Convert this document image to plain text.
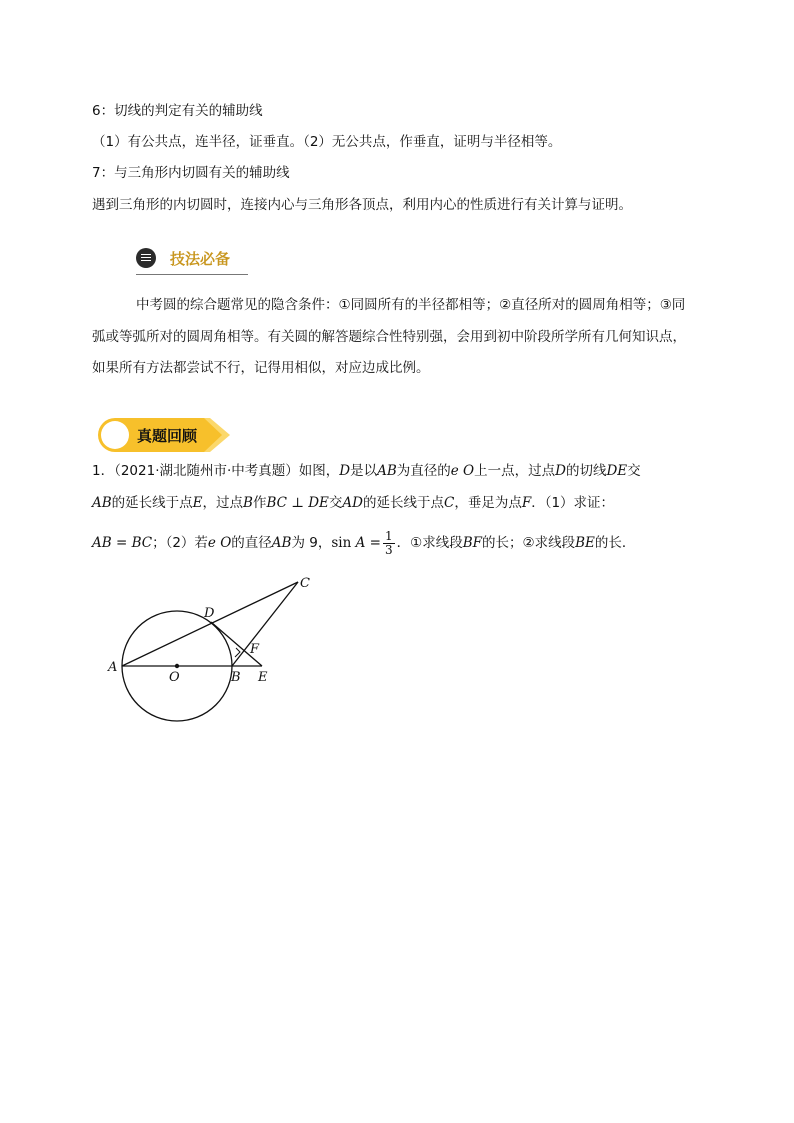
6：切线的判定有关的辅助线
（1）有公共点，连半径，证垂直。（2）无公共点，作垂直，证明与半径相等。
7：与三角形内切圆有关的辅助线
遇到三角形的内切圆时，连接内心与三角形各顶点，利用内心的性质进行有关计算与证明。
技法必备
中考圆的综合题常见的隐含条件：①同圆所有的半径都相等；②直径所对的圆周角相等；③同
弧或等弧所对的圆周角相等。有关圆的解答题综合性特别强，会用到初中阶段所学所有几何知识点，
如果所有方法都尝试不行，记得用相似，对应边成比例。
真题回顾
1．（2021·湖北随州市·中考真题）如图，D是以AB为直径的e O上一点，过点D的切线DE交
AB的延长线于点E，过点B作BC ⊥ DE交AD的延长线于点C，垂足为点F．（1）求证：
AB = BC；（2）若e O的直径AB为 9，$\sin A = \frac{1}{3}$ ．①求线段BF的长；②求线段BE的长．
A
O	B E
D
C
F
